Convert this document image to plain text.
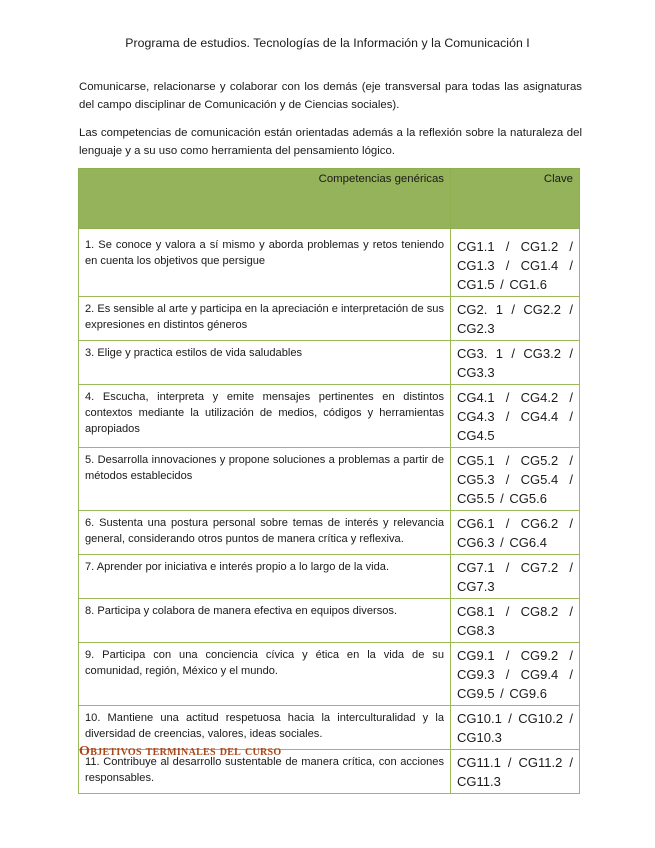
Programa de estudios. Tecnologías de la Información y la Comunicación I

Comunicarse, relacionarse y colaborar con los demás (eje transversal para todas las asignaturas del campo disciplinar de Comunicación y de Ciencias sociales).

Las competencias de comunicación están orientadas además a la reflexión sobre la naturaleza del lenguaje y a su uso como herramienta del pensamiento lógico.

Competencias genéricas	Clave
1. Se conoce y valora a sí mismo y aborda problemas y retos teniendo en cuenta los objetivos que persigue	CG1.1 / CG1.2 / CG1.3 / CG1.4 / CG1.5 / CG1.6
2. Es sensible al arte y participa en la apreciación e interpretación de sus expresiones en distintos géneros	CG2. 1 / CG2.2 / CG2.3
3. Elige y practica estilos de vida saludables	CG3. 1 / CG3.2 / CG3.3
4. Escucha, interpreta y emite mensajes pertinentes en distintos contextos mediante la utilización de medios, códigos y herramientas apropiados	CG4.1 / CG4.2 / CG4.3 / CG4.4 / CG4.5
5. Desarrolla innovaciones y propone soluciones a problemas a partir de métodos establecidos	CG5.1 / CG5.2 / CG5.3 / CG5.4 / CG5.5 / CG5.6
6. Sustenta una postura personal sobre temas de interés y relevancia general, considerando otros puntos de manera crítica y reflexiva.	CG6.1 / CG6.2 / CG6.3 / CG6.4
7. Aprender por iniciativa e interés propio a lo largo de la vida.	CG7.1 / CG7.2 / CG7.3
8. Participa y colabora de manera efectiva en equipos diversos.	CG8.1 / CG8.2 / CG8.3
9. Participa con una conciencia cívica y ética en la vida de su comunidad, región, México y el mundo.	CG9.1 / CG9.2 / CG9.3 / CG9.4 / CG9.5 / CG9.6
10. Mantiene una actitud respetuosa hacia la interculturalidad y la diversidad de creencias, valores, ideas sociales.	CG10.1 / CG10.2 / CG10.3
11. Contribuye al desarrollo sustentable de manera crítica, con acciones responsables.	CG11.1 / CG11.2 / CG11.3
Objetivos terminales del curso
